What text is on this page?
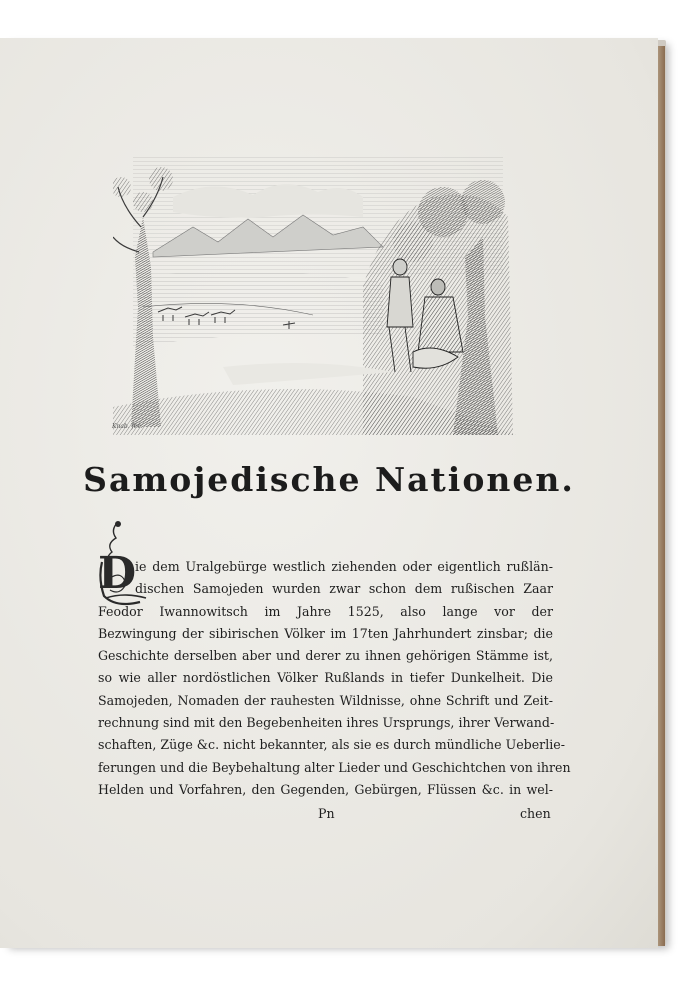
Knab. fec.
Samojedische Nationen.
D
ie dem Uralgebürge westlich ziehenden oder eigentlich rußlän-
dischen Samojeden wurden zwar schon dem rußischen Zaar
Feodor Iwannowitsch im Jahre 1525, also lange vor der
Bezwingung der sibirischen Völker im 17ten Jahrhundert zinsbar; die
Geschichte derselben aber und derer zu ihnen gehörigen Stämme ist,
so wie aller nordöstlichen Völker Rußlands in tiefer Dunkelheit. Die
Samojeden, Nomaden der rauhesten Wildnisse, ohne Schrift und Zeit-
rechnung sind mit den Begebenheiten ihres Ursprungs, ihrer Verwand-
schaften, Züge &c. nicht bekannter, als sie es durch mündliche Ueberlie-
ferungen und die Beybehaltung alter Lieder und Geschichtchen von ihren
Helden und Vorfahren, den Gegenden, Gebürgen, Flüssen &c. in wel-
Pn	chen
